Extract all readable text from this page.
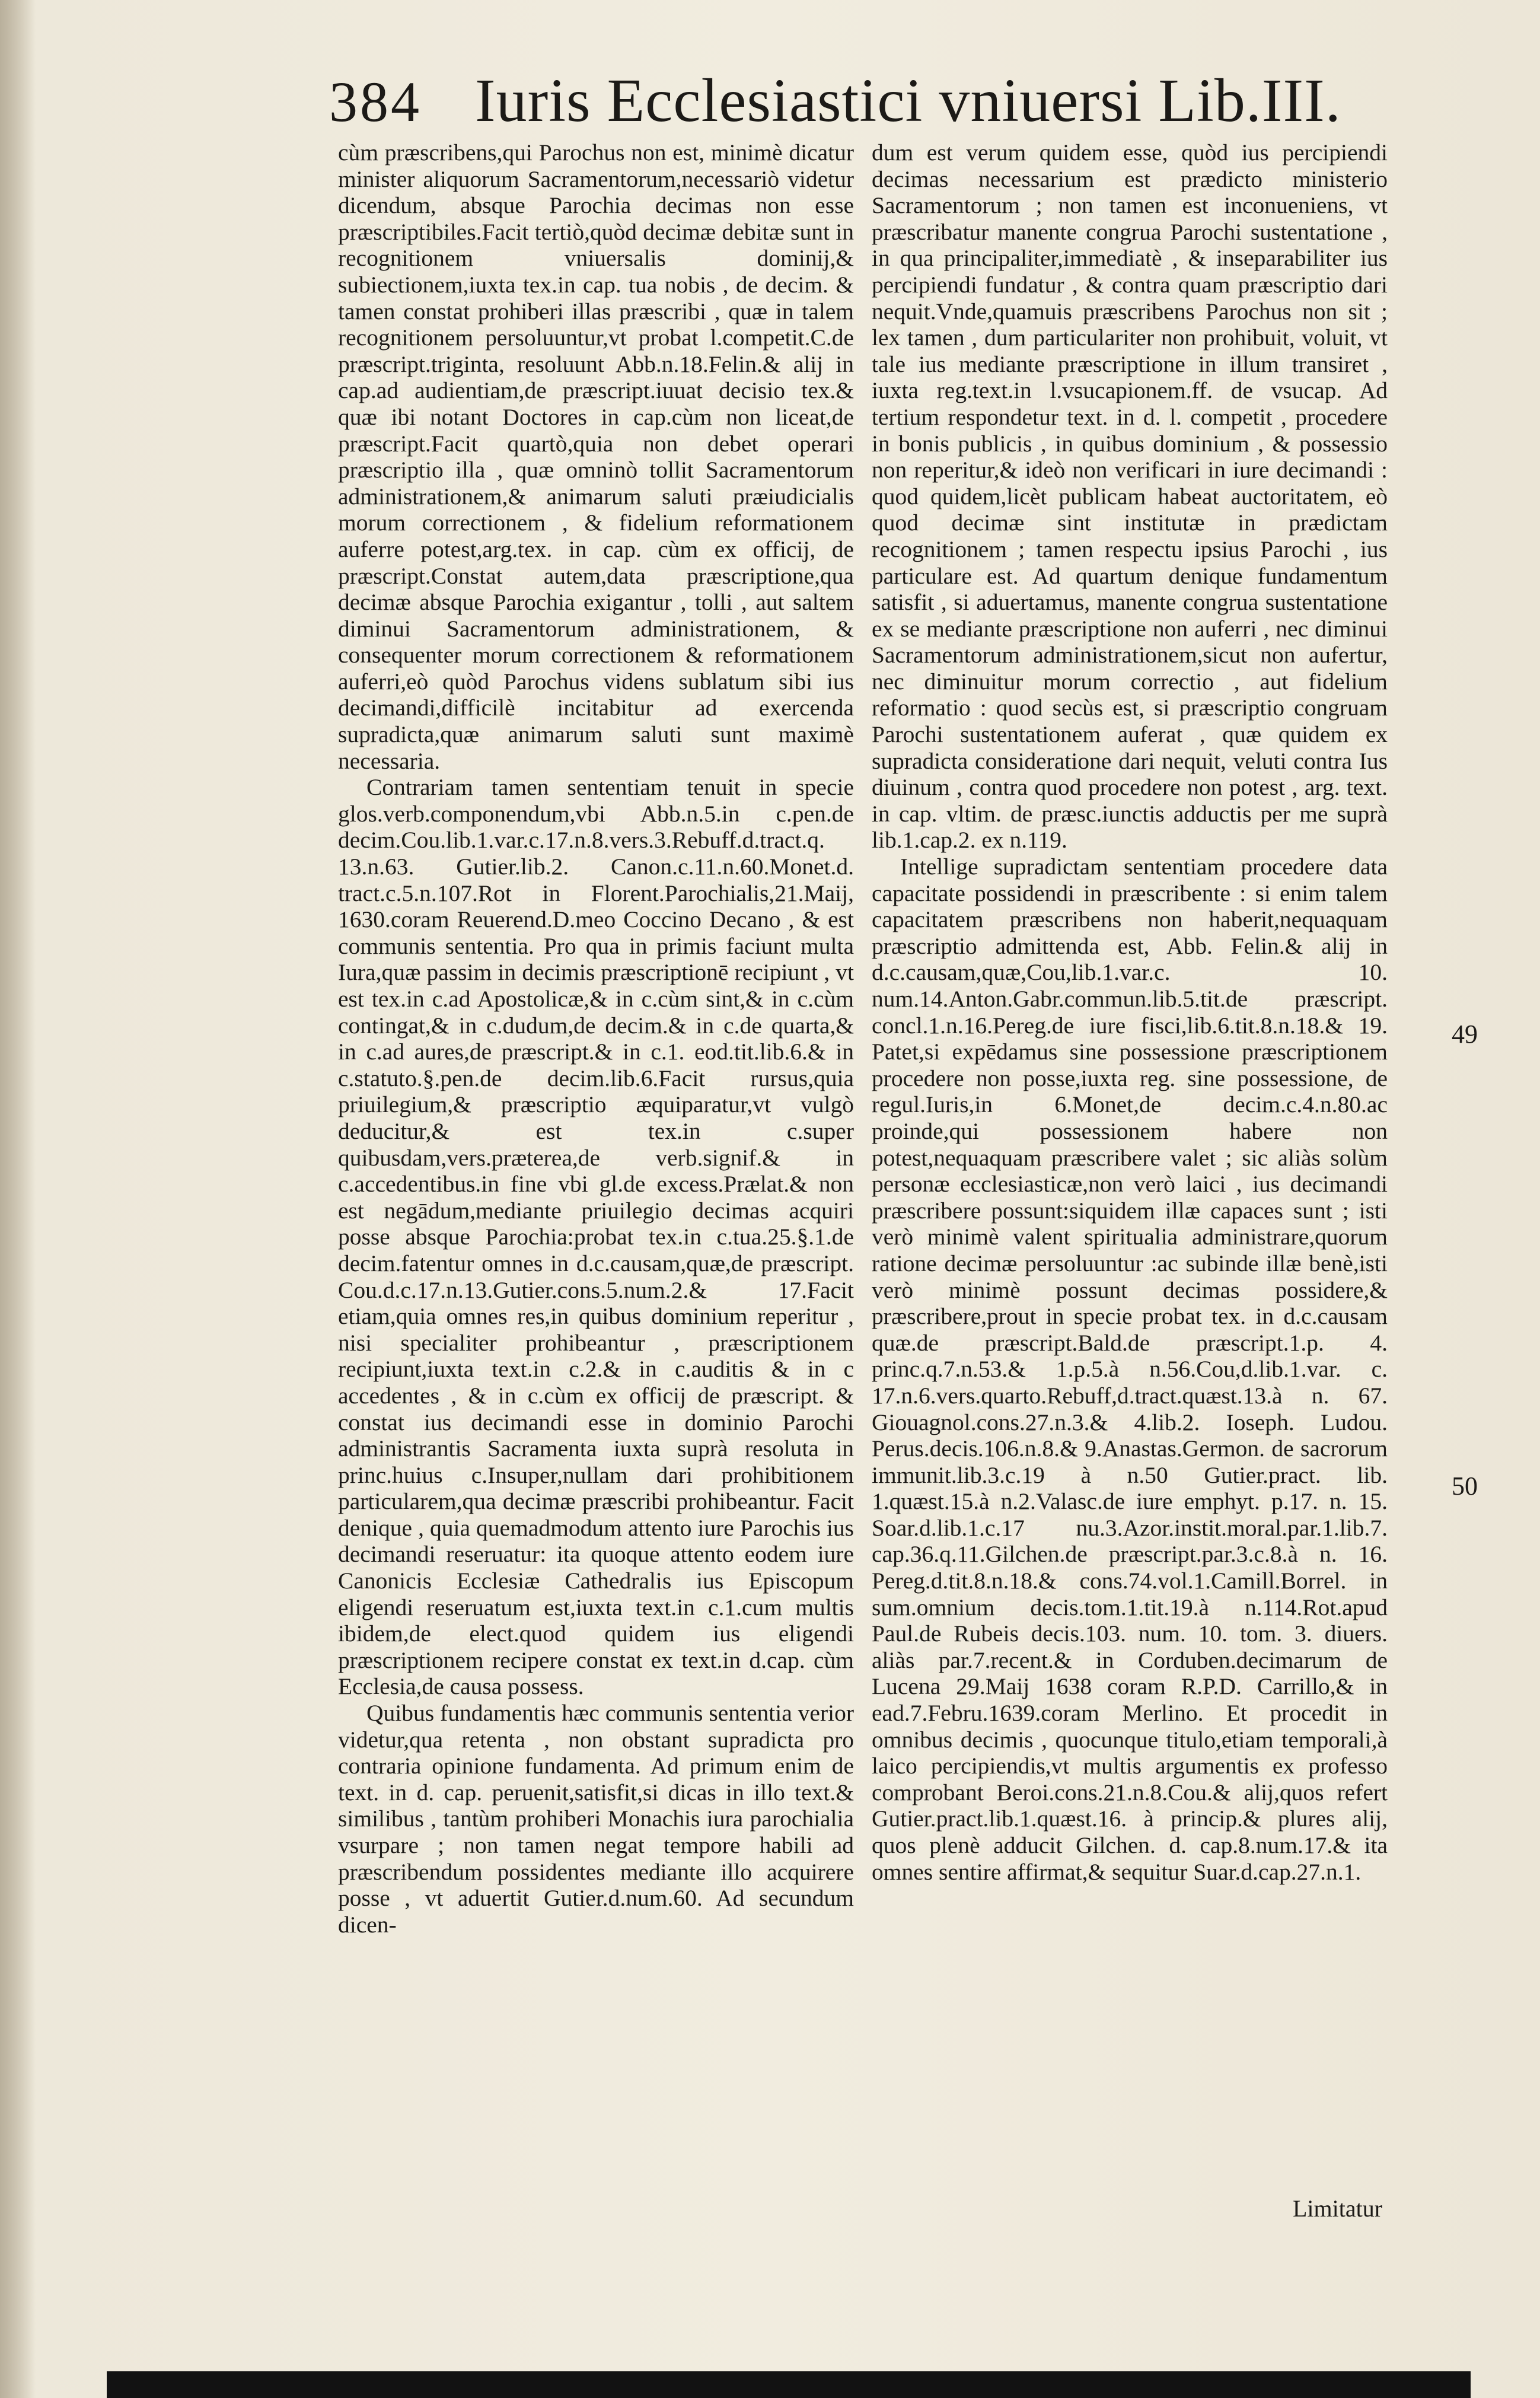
384 Iuris Ecclesiastici vniuersi Lib.III.

cùm præscribens,qui Parochus non est, minimè dicatur minister aliquorum Sacramentorum,necessariò videtur dicendum, absque Parochia decimas non esse præscriptibiles.Facit tertiò,quòd decimæ debitæ sunt in recognitionem vniuersalis dominij,& subiectionem,iuxta tex.in cap. tua nobis , de decim. & tamen constat prohiberi illas præscribi , quæ in talem recognitionem persoluuntur,vt probat l.competit.C.de præscript.triginta, resoluunt Abb.n.18.Felin.& alij in cap.ad audientiam,de præscript.iuuat decisio tex.& quæ ibi notant Doctores in cap.cùm non liceat,de præscript.Facit quartò,quia non debet operari præscriptio illa , quæ omninò tollit Sacramentorum administrationem,& animarum saluti præiudicialis morum correctionem , & fidelium reformationem auferre potest,arg.tex. in cap. cùm ex officij, de præscript.Constat autem,data præscriptione,qua decimæ absque Parochia exigantur , tolli , aut saltem diminui Sacramentorum administrationem, & consequenter morum correctionem & reformationem auferri,eò quòd Parochus videns sublatum sibi ius decimandi,difficilè incitabitur ad exercenda supradicta,quæ animarum saluti sunt maximè necessaria.

Contrariam tamen sententiam tenuit in specie glos.verb.componendum,vbi Abb.n.5.in c.pen.de decim.Cou.lib.1.var.c.17.n.8.vers.3.Rebuff.d.tract.q. 13.n.63. Gutier.lib.2. Canon.c.11.n.60.Monet.d. tract.c.5.n.107.Rot in Florent.Parochialis,21.Maij, 1630.coram Reuerend.D.meo Coccino Decano , & est communis sententia. Pro qua in primis faciunt multa Iura,quæ passim in decimis præscriptionē recipiunt , vt est tex.in c.ad Apostolicæ,& in c.cùm sint,& in c.cùm contingat,& in c.dudum,de decim.& in c.de quarta,& in c.ad aures,de præscript.& in c.1. eod.tit.lib.6.& in c.statuto.§.pen.de decim.lib.6.Facit rursus,quia priuilegium,& præscriptio æquiparatur,vt vulgò deducitur,& est tex.in c.super quibusdam,vers.præterea,de verb.signif.& in c.accedentibus.in fine vbi gl.de excess.Prælat.& non est negādum,mediante priuilegio decimas acquiri posse absque Parochia:probat tex.in c.tua.25.§.1.de decim.fatentur omnes in d.c.causam,quæ,de præscript. Cou.d.c.17.n.13.Gutier.cons.5.num.2.& 17.Facit etiam,quia omnes res,in quibus dominium reperitur , nisi specialiter prohibeantur , præscriptionem recipiunt,iuxta text.in c.2.& in c.auditis & in c accedentes , & in c.cùm ex officij de præscript. & constat ius decimandi esse in dominio Parochi administrantis Sacramenta iuxta suprà resoluta in princ.huius c.Insuper,nullam dari prohibitionem particularem,qua decimæ præscribi prohibeantur. Facit denique , quia quemadmodum attento iure Parochis ius decimandi reseruatur: ita quoque attento eodem iure Canonicis Ecclesiæ Cathedralis ius Episcopum eligendi reseruatum est,iuxta text.in c.1.cum multis ibidem,de elect.quod quidem ius eligendi præscriptionem recipere constat ex text.in d.cap. cùm Ecclesia,de causa possess.

Quibus fundamentis hæc communis sententia verior videtur,qua retenta , non obstant supradicta pro contraria opinione fundamenta. Ad primum enim de text. in d. cap. peruenit,satisfit,si dicas in illo text.& similibus , tantùm prohiberi Monachis iura parochialia vsurpare ; non tamen negat tempore habili ad præscribendum possidentes mediante illo acquirere posse , vt aduertit Gutier.d.num.60. Ad secundum dicen-

dum est verum quidem esse, quòd ius percipiendi decimas necessarium est prædicto ministerio Sacramentorum ; non tamen est inconueniens, vt præscribatur manente congrua Parochi sustentatione , in qua principaliter,immediatè , & inseparabiliter ius percipiendi fundatur , & contra quam præscriptio dari nequit.Vnde,quamuis præscribens Parochus non sit ; lex tamen , dum particulariter non prohibuit, voluit, vt tale ius mediante præscriptione in illum transiret , iuxta reg.text.in l.vsucapionem.ff. de vsucap. Ad tertium respondetur text. in d. l. competit , procedere in bonis publicis , in quibus dominium , & possessio non reperitur,& ideò non verificari in iure decimandi : quod quidem,licèt publicam habeat auctoritatem, eò quod decimæ sint institutæ in prædictam recognitionem ; tamen respectu ipsius Parochi , ius particulare est. Ad quartum denique fundamentum satisfit , si aduertamus, manente congrua sustentatione ex se mediante præscriptione non auferri , nec diminui Sacramentorum administrationem,sicut non aufertur, nec diminuitur morum correctio , aut fidelium reformatio : quod secùs est, si præscriptio congruam Parochi sustentationem auferat , quæ quidem ex supradicta consideratione dari nequit, veluti contra Ius diuinum , contra quod procedere non potest , arg. text. in cap. vltim. de præsc.iunctis adductis per me suprà lib.1.cap.2. ex n.119.

Intellige supradictam sententiam procedere data capacitate possidendi in præscribente : si enim talem capacitatem præscribens non haberit,nequaquam præscriptio admittenda est, Abb. Felin.& alij in d.c.causam,quæ,Cou,lib.1.var.c. 10. num.14.Anton.Gabr.commun.lib.5.tit.de præscript. concl.1.n.16.Pereg.de iure fisci,lib.6.tit.8.n.18.& 19. Patet,si expēdamus sine possessione præscriptionem procedere non posse,iuxta reg. sine possessione, de regul.Iuris,in 6.Monet,de decim.c.4.n.80.ac proinde,qui possessionem habere non potest,nequaquam præscribere valet ; sic aliàs solùm personæ ecclesiasticæ,non verò laici , ius decimandi præscribere possunt:siquidem illæ capaces sunt ; isti verò minimè valent spiritualia administrare,quorum ratione decimæ persoluuntur :ac subinde illæ benè,isti verò minimè possunt decimas possidere,& præscribere,prout in specie probat tex. in d.c.causam quæ.de præscript.Bald.de præscript.1.p. 4. princ.q.7.n.53.& 1.p.5.à n.56.Cou,d.lib.1.var. c. 17.n.6.vers.quarto.Rebuff,d.tract.quæst.13.à n. 67. Giouagnol.cons.27.n.3.& 4.lib.2. Ioseph. Ludou. Perus.decis.106.n.8.& 9.Anastas.Germon. de sacrorum immunit.lib.3.c.19 à n.50 Gutier.pract. lib. 1.quæst.15.à n.2.Valasc.de iure emphyt. p.17. n. 15. Soar.d.lib.1.c.17 nu.3.Azor.instit.moral.par.1.lib.7. cap.36.q.11.Gilchen.de præscript.par.3.c.8.à n. 16. Pereg.d.tit.8.n.18.& cons.74.vol.1.Camill.Borrel. in sum.omnium decis.tom.1.tit.19.à n.114.Rot.apud Paul.de Rubeis decis.103. num. 10. tom. 3. diuers. aliàs par.7.recent.& in Corduben.decimarum de Lucena 29.Maij 1638 coram R.P.D. Carrillo,& in ead.7.Febru.1639.coram Merlino. Et procedit in omnibus decimis , quocunque titulo,etiam temporali,à laico percipiendis,vt multis argumentis ex professo comprobant Beroi.cons.21.n.8.Cou.& alij,quos refert Gutier.pract.lib.1.quæst.16. à princip.& plures alij, quos plenè adducit Gilchen. d. cap.8.num.17.& ita omnes sentire affirmat,& sequitur Suar.d.cap.27.n.1.

49
50
Limitatur
